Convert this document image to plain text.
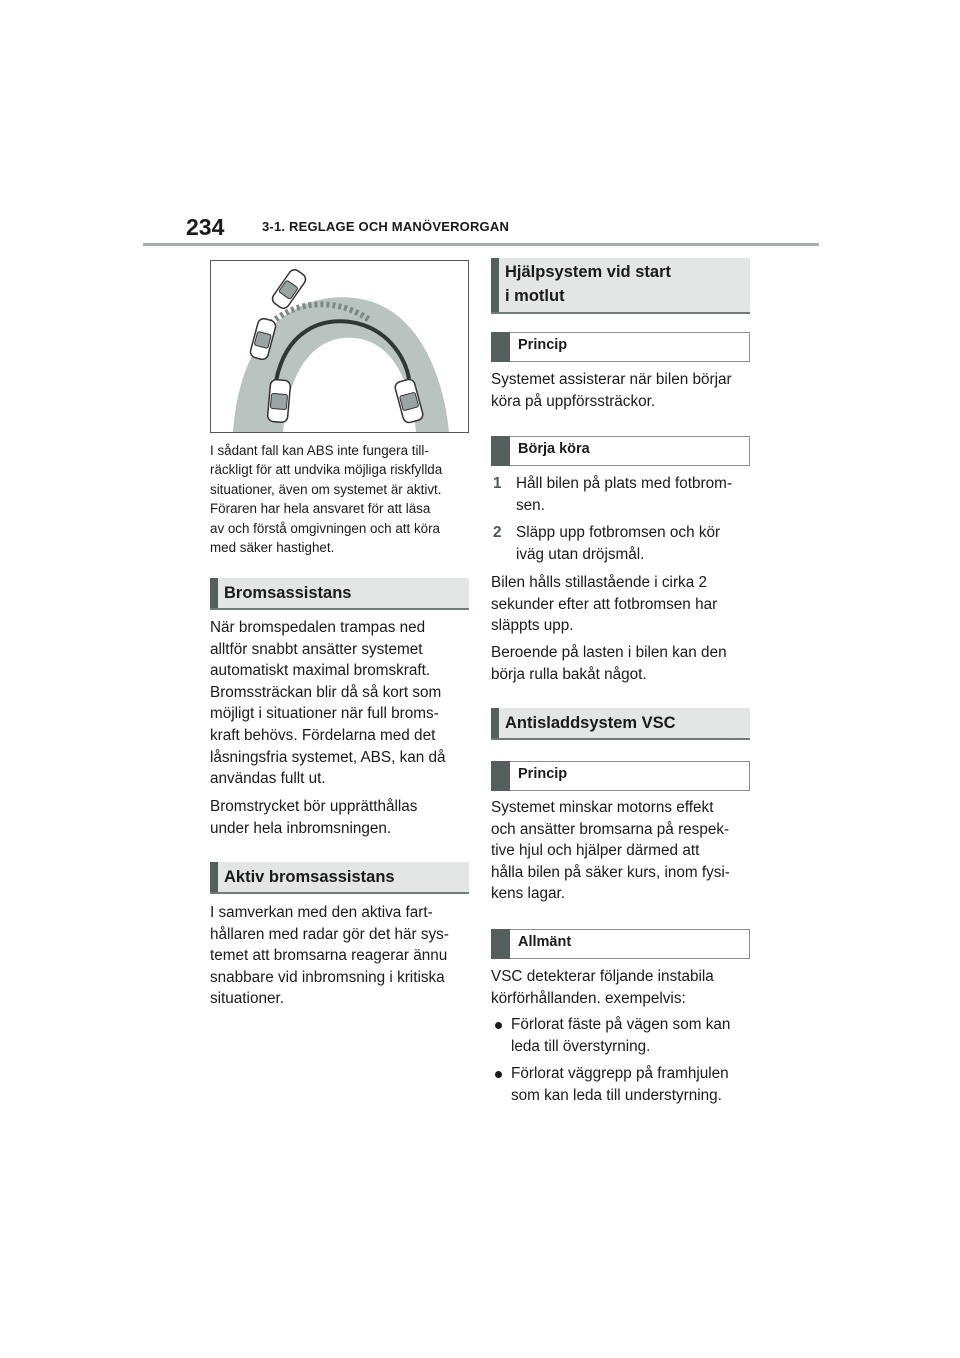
234	3-1. REGLAGE OCH MANÖVERORGAN
I sådant fall kan ABS inte fungera till-
räckligt för att undvika möjliga riskfyllda
situationer, även om systemet är aktivt.
Föraren har hela ansvaret för att läsa
av och förstå omgivningen och att köra
med säker hastighet.
Bromsassistans
När bromspedalen trampas ned
alltför snabbt ansätter systemet
automatiskt maximal bromskraft.
Bromssträckan blir då så kort som
möjligt i situationer när full broms-
kraft behövs. Fördelarna med det
låsningsfria systemet, ABS, kan då
användas fullt ut.
Bromstrycket bör upprätthållas
under hela inbromsningen.
Aktiv bromsassistans
I samverkan med den aktiva fart-
hållaren med radar gör det här sys-
temet att bromsarna reagerar ännu
snabbare vid inbromsning i kritiska
situationer.
Hjälpsystem vid start
i motlut
Princip
Systemet assisterar när bilen börjar
köra på uppförssträckor.
Börja köra
1 Håll bilen på plats med fotbrom-
sen.
2 Släpp upp fotbromsen och kör
iväg utan dröjsmål.
Bilen hålls stillastående i cirka 2
sekunder efter att fotbromsen har
släppts upp.
Beroende på lasten i bilen kan den
börja rulla bakåt något.
Antisladdsystem VSC
Princip
Systemet minskar motorns effekt
och ansätter bromsarna på respek-
tive hjul och hjälper därmed att
hålla bilen på säker kurs, inom fysi-
kens lagar.
Allmänt
VSC detekterar följande instabila
körförhållanden. exempelvis:
Förlorat fäste på vägen som kan
leda till överstyrning.
Förlorat väggrepp på framhjulen
som kan leda till understyrning.
